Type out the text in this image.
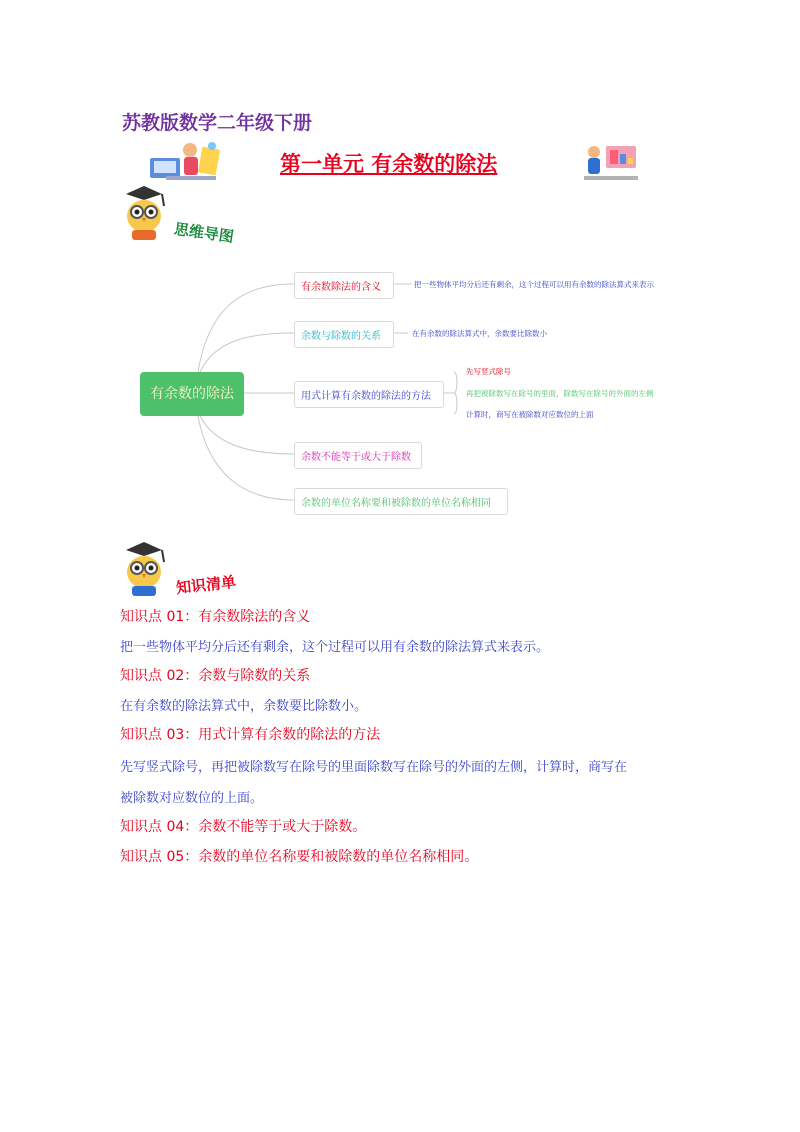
苏教版数学二年级下册
第一单元 有余数的除法
思维导图
有余数的除法
有余数除法的含义	把一些物体平均分后还有剩余，这个过程可以用有余数的除法算式来表示
余数与除数的关系	在有余数的除法算式中，余数要比除数小
用式计算有余数的除法的方法
先写竖式除号
再把被除数写在除号的里面，除数写在除号的外面的左侧
计算时，商写在被除数对应数位的上面
余数不能等于或大于除数
余数的单位名称要和被除数的单位名称相同
知识清单
知识点 01：有余数除法的含义
把一些物体平均分后还有剩余，这个过程可以用有余数的除法算式来表示。
知识点 02：余数与除数的关系
在有余数的除法算式中，余数要比除数小。
知识点 03：用式计算有余数的除法的方法
先写竖式除号，再把被除数写在除号的里面除数写在除号的外面的左侧，计算时，商写在
被除数对应数位的上面。
知识点 04：余数不能等于或大于除数。
知识点 05：余数的单位名称要和被除数的单位名称相同。
